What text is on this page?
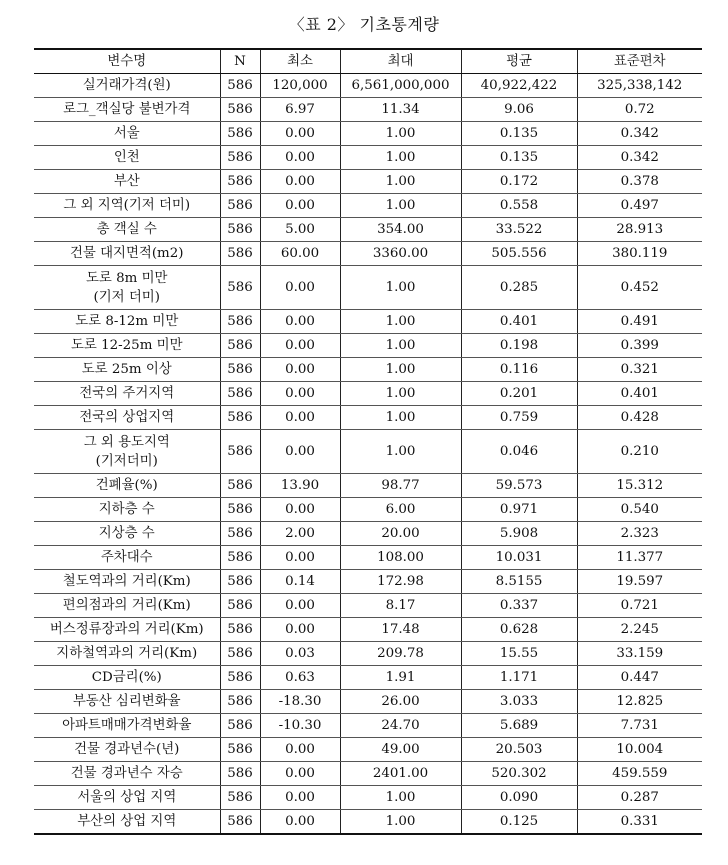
〈표 2〉 기초통계량
변수명	N	최소	최대	평균	표준편차
실거래가격(원)	586	120,000	6,561,000,000	40,922,422	325,338,142
로그_객실당 불변가격	586	6.97	11.34	9.06	0.72
서울	586	0.00	1.00	0.135	0.342
인천	586	0.00	1.00	0.135	0.342
부산	586	0.00	1.00	0.172	0.378
그 외 지역(기저 더미)	586	0.00	1.00	0.558	0.497
총 객실 수	586	5.00	354.00	33.522	28.913
건물 대지면적(m2)	586	60.00	3360.00	505.556	380.119
도로 8m 미만
(기저 더미)	586	0.00	1.00	0.285	0.452
도로 8-12m 미만	586	0.00	1.00	0.401	0.491
도로 12-25m 미만	586	0.00	1.00	0.198	0.399
도로 25m 이상	586	0.00	1.00	0.116	0.321
전국의 주거지역	586	0.00	1.00	0.201	0.401
전국의 상업지역	586	0.00	1.00	0.759	0.428
그 외 용도지역
(기저더미)	586	0.00	1.00	0.046	0.210
건폐율(%)	586	13.90	98.77	59.573	15.312
지하층 수	586	0.00	6.00	0.971	0.540
지상층 수	586	2.00	20.00	5.908	2.323
주차대수	586	0.00	108.00	10.031	11.377
철도역과의 거리(Km)	586	0.14	172.98	8.5155	19.597
편의점과의 거리(Km)	586	0.00	8.17	0.337	0.721
버스정류장과의 거리(Km)	586	0.00	17.48	0.628	2.245
지하철역과의 거리(Km)	586	0.03	209.78	15.55	33.159
CD금리(%)	586	0.63	1.91	1.171	0.447
부동산 심리변화율	586	-18.30	26.00	3.033	12.825
아파트매매가격변화율	586	-10.30	24.70	5.689	7.731
건물 경과년수(년)	586	0.00	49.00	20.503	10.004
건물 경과년수 자승	586	0.00	2401.00	520.302	459.559
서울의 상업 지역	586	0.00	1.00	0.090	0.287
부산의 상업 지역	586	0.00	1.00	0.125	0.331
